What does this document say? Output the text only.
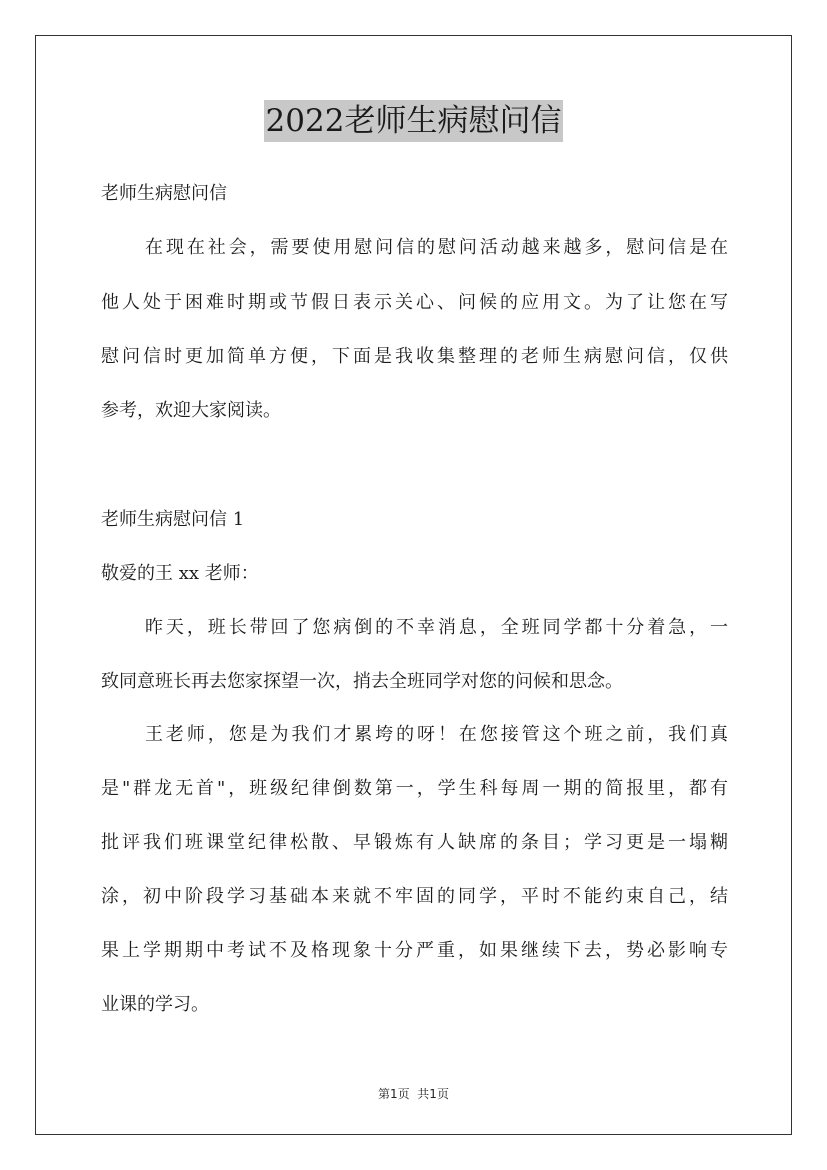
2022老师生病慰问信
老师生病慰问信
在现在社会，需要使用慰问信的慰问活动越来越多，慰问信是在
他人处于困难时期或节假日表示关心、问候的应用文。为了让您在写
慰问信时更加简单方便，下面是我收集整理的老师生病慰问信，仅供
参考，欢迎大家阅读。
老师生病慰问信 1
敬爱的王 xx 老师：
昨天，班长带回了您病倒的不幸消息，全班同学都十分着急，一
致同意班长再去您家探望一次，捎去全班同学对您的问候和思念。
王老师，您是为我们才累垮的呀！在您接管这个班之前，我们真
是"群龙无首"，班级纪律倒数第一，学生科每周一期的简报里，都有
批评我们班课堂纪律松散、早锻炼有人缺席的条目；学习更是一塌糊
涂，初中阶段学习基础本来就不牢固的同学，平时不能约束自己，结
果上学期期中考试不及格现象十分严重，如果继续下去，势必影响专
业课的学习。
第1页  共1页
